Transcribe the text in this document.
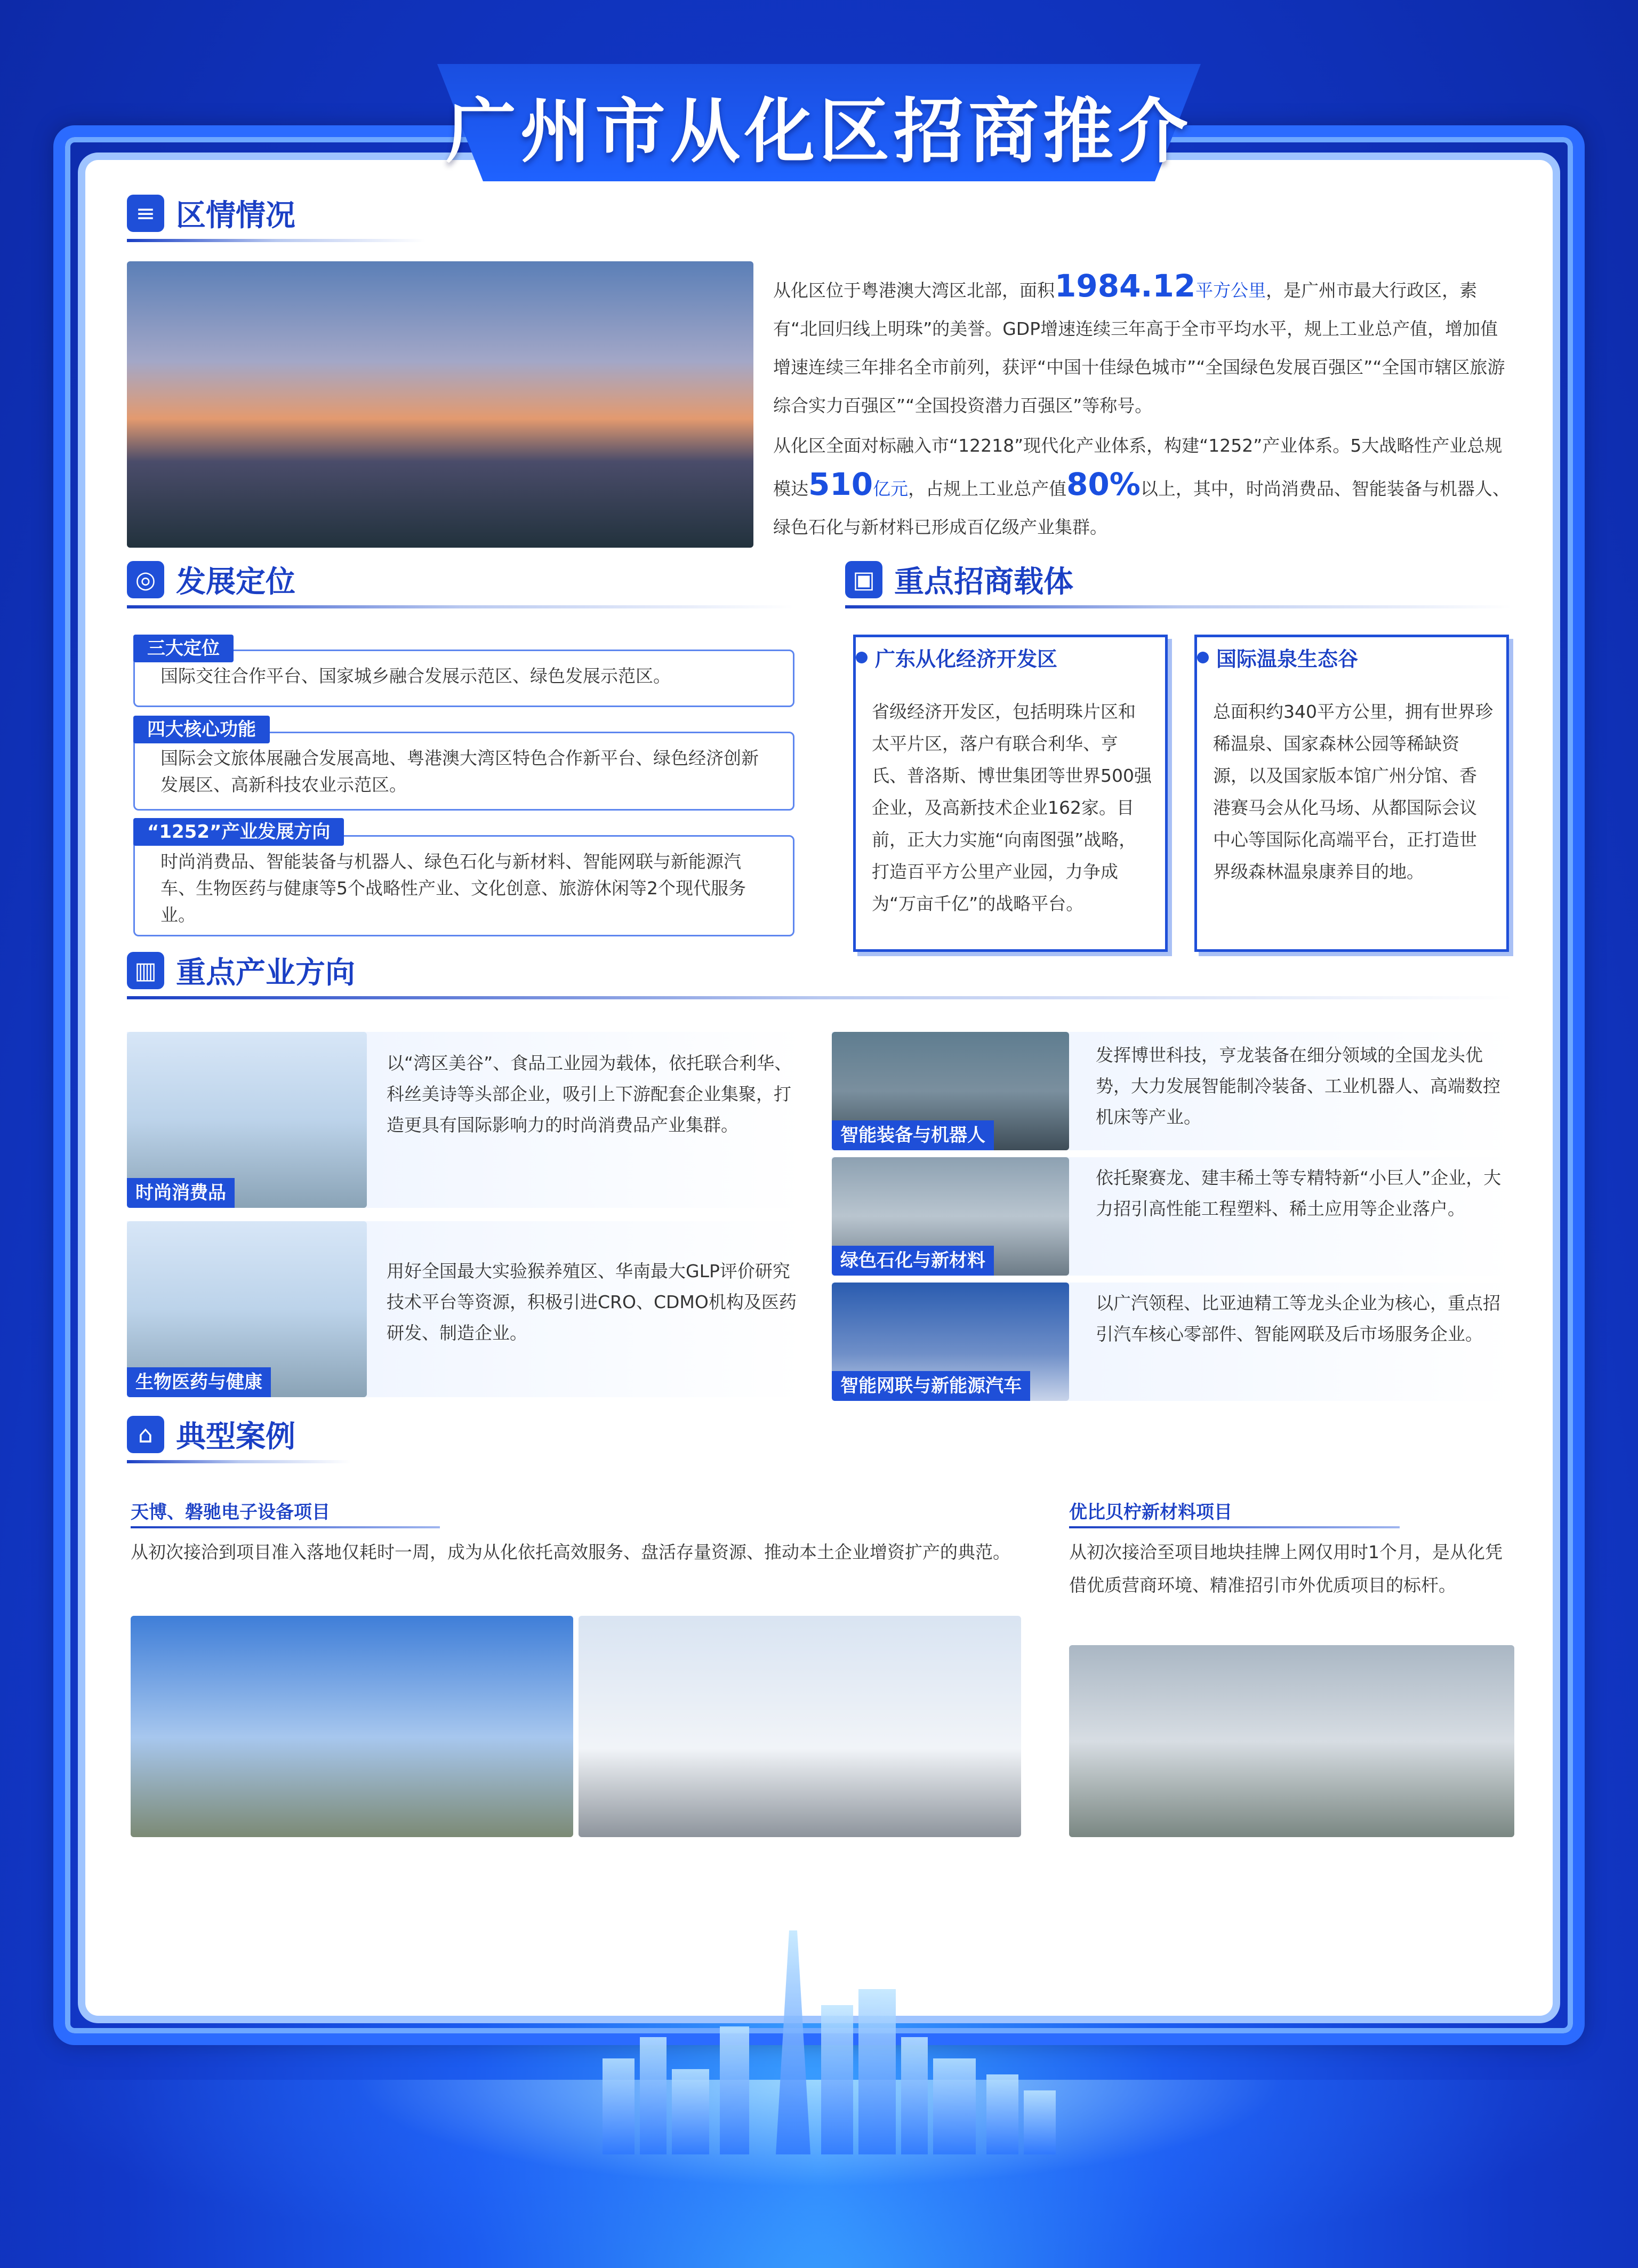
广州市从化区招商推介
≡ 区情情况
从化区位于粤港澳大湾区北部，面积1984.12平方公里，是广州市最大行政区，素有“北回归线上明珠”的美誉。GDP增速连续三年高于全市平均水平，规上工业总产值，增加值增速连续三年排名全市前列，获评“中国十佳绿色城市”“全国绿色发展百强区”“全国市辖区旅游综合实力百强区”“全国投资潜力百强区”等称号。
从化区全面对标融入市“12218”现代化产业体系，构建“1252”产业体系。5大战略性产业总规模达510亿元，占规上工业总产值80%以上，其中，时尚消费品、智能装备与机器人、绿色石化与新材料已形成百亿级产业集群。
◎ 发展定位
国际交往合作平台、国家城乡融合发展示范区、绿色发展示范区。
三大定位
国际会文旅体展融合发展高地、粤港澳大湾区特色合作新平台、绿色经济创新发展区、高新科技农业示范区。
四大核心功能
时尚消费品、智能装备与机器人、绿色石化与新材料、智能网联与新能源汽车、生物医药与健康等5个战略性产业、文化创意、旅游休闲等2个现代服务业。
“1252”产业发展方向
▣ 重点招商载体
广东从化经济开发区
省级经济开发区，包括明珠片区和太平片区，落户有联合利华、亨氏、普洛斯、博世集团等世界500强企业，及高新技术企业162家。目前，正大力实施“向南图强”战略，打造百平方公里产业园，力争成为“万亩千亿”的战略平台。
国际温泉生态谷
总面积约340平方公里，拥有世界珍稀温泉、国家森林公园等稀缺资源，以及国家版本馆广州分馆、香港赛马会从化马场、从都国际会议中心等国际化高端平台，正打造世界级森林温泉康养目的地。
▥ 重点产业方向
时尚消费品
以“湾区美谷”、食品工业园为载体，依托联合利华、科丝美诗等头部企业，吸引上下游配套企业集聚，打造更具有国际影响力的时尚消费品产业集群。
生物医药与健康
用好全国最大实验猴养殖区、华南最大GLP评价研究技术平台等资源，积极引进CRO、CDMO机构及医药研发、制造企业。
智能装备与机器人
发挥博世科技，亨龙装备在细分领域的全国龙头优势，大力发展智能制冷装备、工业机器人、高端数控机床等产业。
绿色石化与新材料
依托聚赛龙、建丰稀土等专精特新“小巨人”企业，大力招引高性能工程塑料、稀土应用等企业落户。
智能网联与新能源汽车
以广汽领程、比亚迪精工等龙头企业为核心，重点招引汽车核心零部件、智能网联及后市场服务企业。
⌂ 典型案例
天博、磐驰电子设备项目
从初次接洽到项目准入落地仅耗时一周，成为从化依托高效服务、盘活存量资源、推动本土企业增资扩产的典范。
优比贝柠新材料项目
从初次接洽至项目地块挂牌上网仅用时1个月，是从化凭借优质营商环境、精准招引市外优质项目的标杆。
